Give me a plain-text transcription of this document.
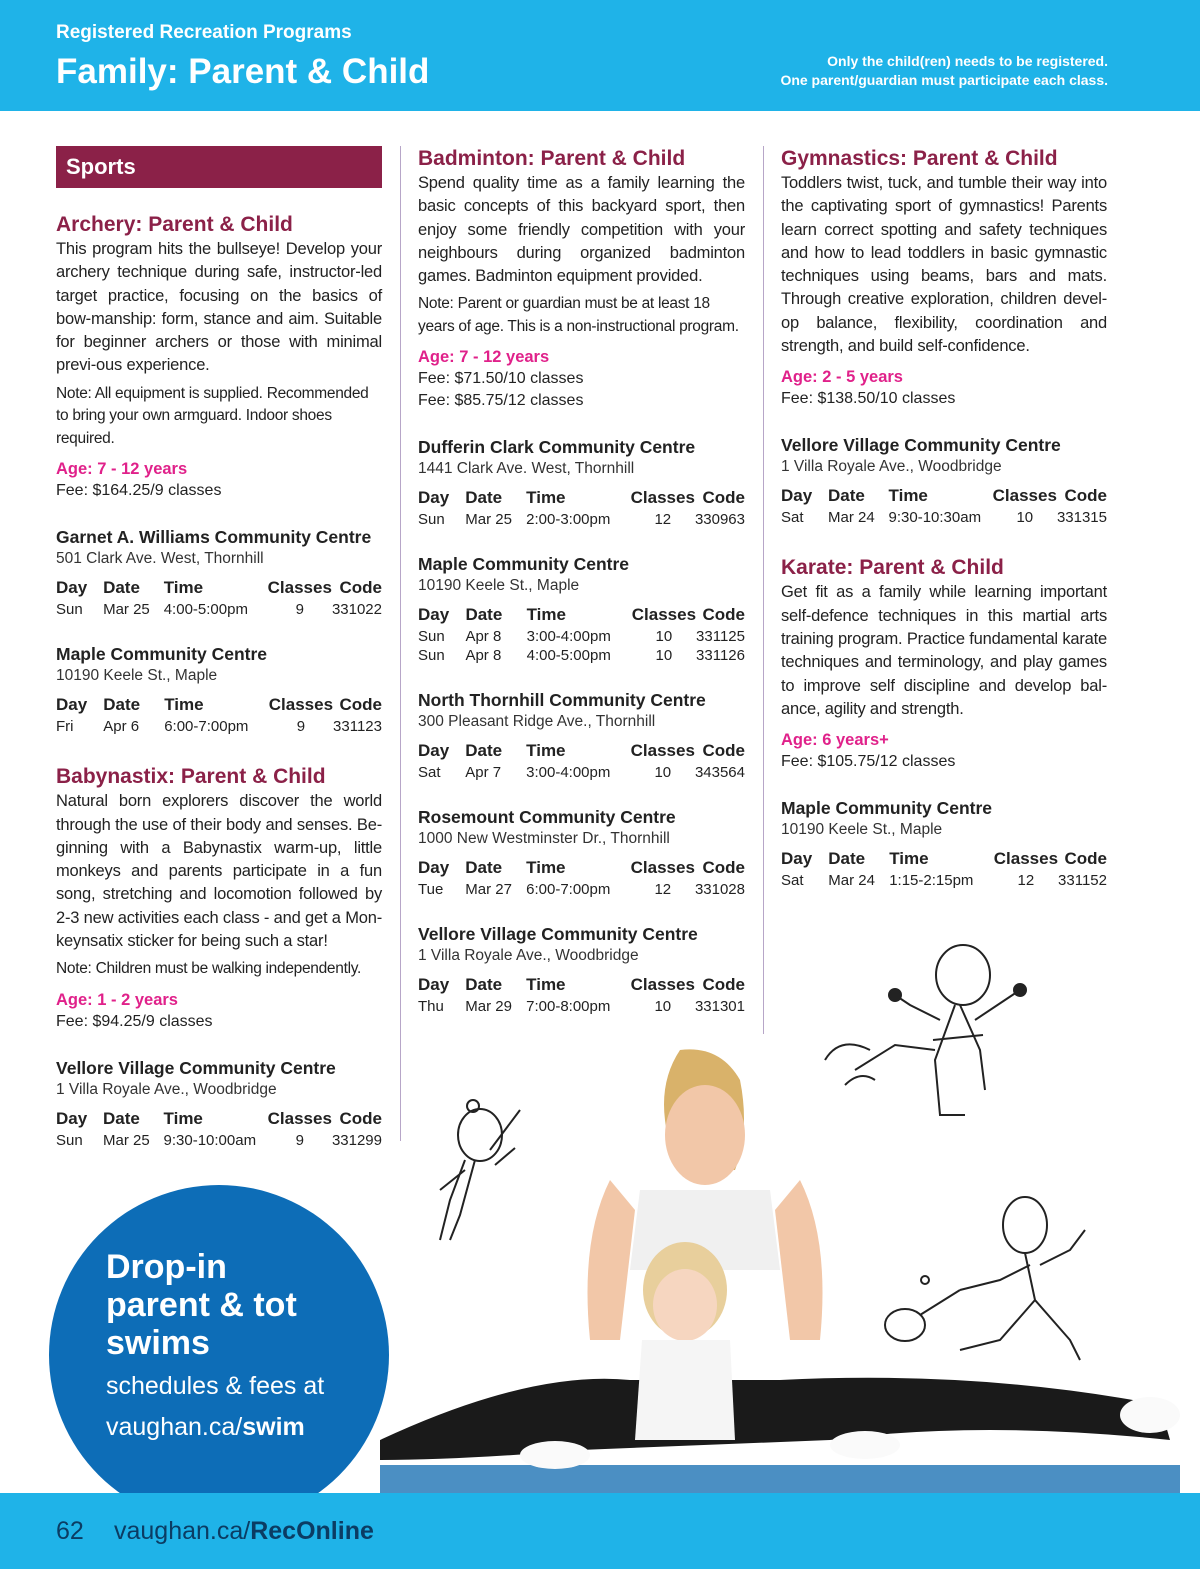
Registered Recreation Programs
Family: Parent & Child	Only the child(ren) needs to be registered.
One parent/guardian must participate each class.
Sports
Archery: Parent & Child
This program hits the bullseye! Develop your archery technique during safe, instructor-led target practice, focusing on the basics of bow-manship: form, stance and aim. Suitable for beginner archers or those with minimal previ-ous experience.
Note: All equipment is supplied. Recommended to bring your own armguard. Indoor shoes required.
Age: 7 - 12 years
Fee: $164.25/9 classes
Garnet A. Williams Community Centre
501 Clark Ave. West, Thornhill
Day	Date	Time	Classes	Code
Sun	Mar 25	4:00-5:00pm	9	331022
Maple Community Centre
10190 Keele St., Maple
Day	Date	Time	Classes	Code
Fri	Apr 6	6:00-7:00pm	9	331123
Babynastix: Parent & Child
Natural born explorers discover the world through the use of their body and senses. Be-ginning with a Babynastix warm-up, little monkeys and parents participate in a fun song, stretching and locomotion followed by 2-3 new activities each class - and get a Mon-keynsatix sticker for being such a star!
Note: Children must be walking independently.
Age: 1 - 2 years
Fee: $94.25/9 classes
Vellore Village Community Centre
1 Villa Royale Ave., Woodbridge
Day	Date	Time	Classes	Code
Sun	Mar 25	9:30-10:00am	9	331299
Badminton: Parent & Child
Spend quality time as a family learning the basic concepts of this backyard sport, then enjoy some friendly competition with your neighbours during organized badminton games. Badminton equipment provided.
Note: Parent or guardian must be at least 18 years of age. This is a non-instructional program.
Age: 7 - 12 years
Fee: $71.50/10 classes
Fee: $85.75/12 classes
Dufferin Clark Community Centre
1441 Clark Ave. West, Thornhill
Day	Date	Time	Classes	Code
Sun	Mar 25	2:00-3:00pm	12	330963
Maple Community Centre
10190 Keele St., Maple
Day	Date	Time	Classes	Code
Sun	Apr 8	3:00-4:00pm	10	331125
Sun	Apr 8	4:00-5:00pm	10	331126
North Thornhill Community Centre
300 Pleasant Ridge Ave., Thornhill
Day	Date	Time	Classes	Code
Sat	Apr 7	3:00-4:00pm	10	343564
Rosemount Community Centre
1000 New Westminster Dr., Thornhill
Day	Date	Time	Classes	Code
Tue	Mar 27	6:00-7:00pm	12	331028
Vellore Village Community Centre
1 Villa Royale Ave., Woodbridge
Day	Date	Time	Classes	Code
Thu	Mar 29	7:00-8:00pm	10	331301
Gymnastics: Parent & Child
Toddlers twist, tuck, and tumble their way into the captivating sport of gymnastics! Parents learn correct spotting and safety techniques and how to lead toddlers in basic gymnastic techniques using beams, bars and mats. Through creative exploration, children devel-op balance, flexibility, coordination and strength, and build self-confidence.
Age: 2 - 5 years
Fee: $138.50/10 classes
Vellore Village Community Centre
1 Villa Royale Ave., Woodbridge
Day	Date	Time	Classes	Code
Sat	Mar 24	9:30-10:30am	10	331315
Karate: Parent & Child
Get fit as a family while learning important self-defence techniques in this martial arts training program. Practice fundamental karate techniques and terminology, and play games to improve self discipline and develop bal-ance, agility and strength.
Age: 6 years+
Fee: $105.75/12 classes
Maple Community Centre
10190 Keele St., Maple
Day	Date	Time	Classes	Code
Sat	Mar 24	1:15-2:15pm	12	331152
Drop-in
parent & tot
swims
schedules & fees at
vaughan.ca/swim
62 vaughan.ca/RecOnline
